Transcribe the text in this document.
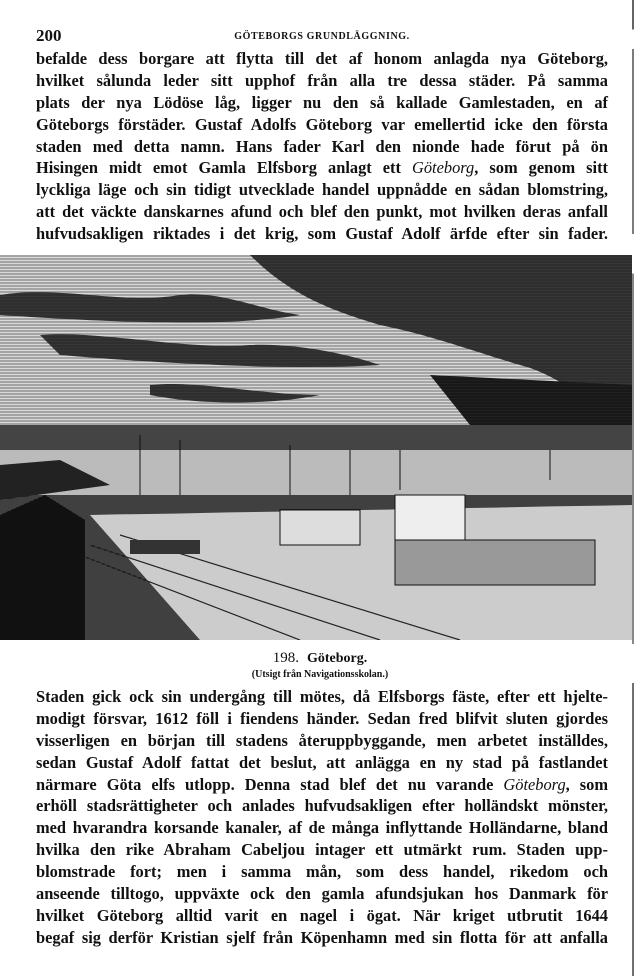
200	GÖTEBORGS GRUNDLÄGGNING.
befalde dess borgare att flytta till det af honom anlagda nya Göteborg,
hvilket sålunda leder sitt upphof från alla tre dessa städer. På samma
plats der nya Lödöse låg, ligger nu den så kallade Gamlestaden, en af
Göteborgs förstäder. Gustaf Adolfs Göteborg var emellertid icke den första
staden med detta namn. Hans fader Karl den nionde hade förut på ön
Hisingen midt emot Gamla Elfsborg anlagt ett Göteborg, som genom sitt
lyckliga läge och sin tidigt utvecklade handel uppnådde en sådan blomstring,
att det väckte danskarnes afund och blef den punkt, mot hvilken deras anfall
hufvudsakligen riktades i det krig, som Gustaf Adolf ärfde efter sin fader.
198. Göteborg.
(Utsigt från Navigationsskolan.)
Staden gick ock sin undergång till mötes, då Elfsborgs fäste, efter ett hjelte-
modigt försvar, 1612 föll i fiendens händer. Sedan fred blifvit sluten gjordes
visserligen en början till stadens återuppbyggande, men arbetet inställdes,
sedan Gustaf Adolf fattat det beslut, att anlägga en ny stad på fastlandet
närmare Göta elfs utlopp. Denna stad blef det nu varande Göteborg, som
erhöll stadsrättigheter och anlades hufvudsakligen efter holländskt mönster,
med hvarandra korsande kanaler, af de många inflyttande Holländarne, bland
hvilka den rike Abraham Cabeljou intager ett utmärkt rum. Staden upp-
blomstrade fort; men i samma mån, som dess handel, rikedom och
anseende tilltogo, uppväxte ock den gamla afundsjukan hos Danmark för
hvilket Göteborg alltid varit en nagel i ögat. När kriget utbrutit 1644
begaf sig derför Kristian sjelf från Köpenhamn med sin flotta för att anfalla
